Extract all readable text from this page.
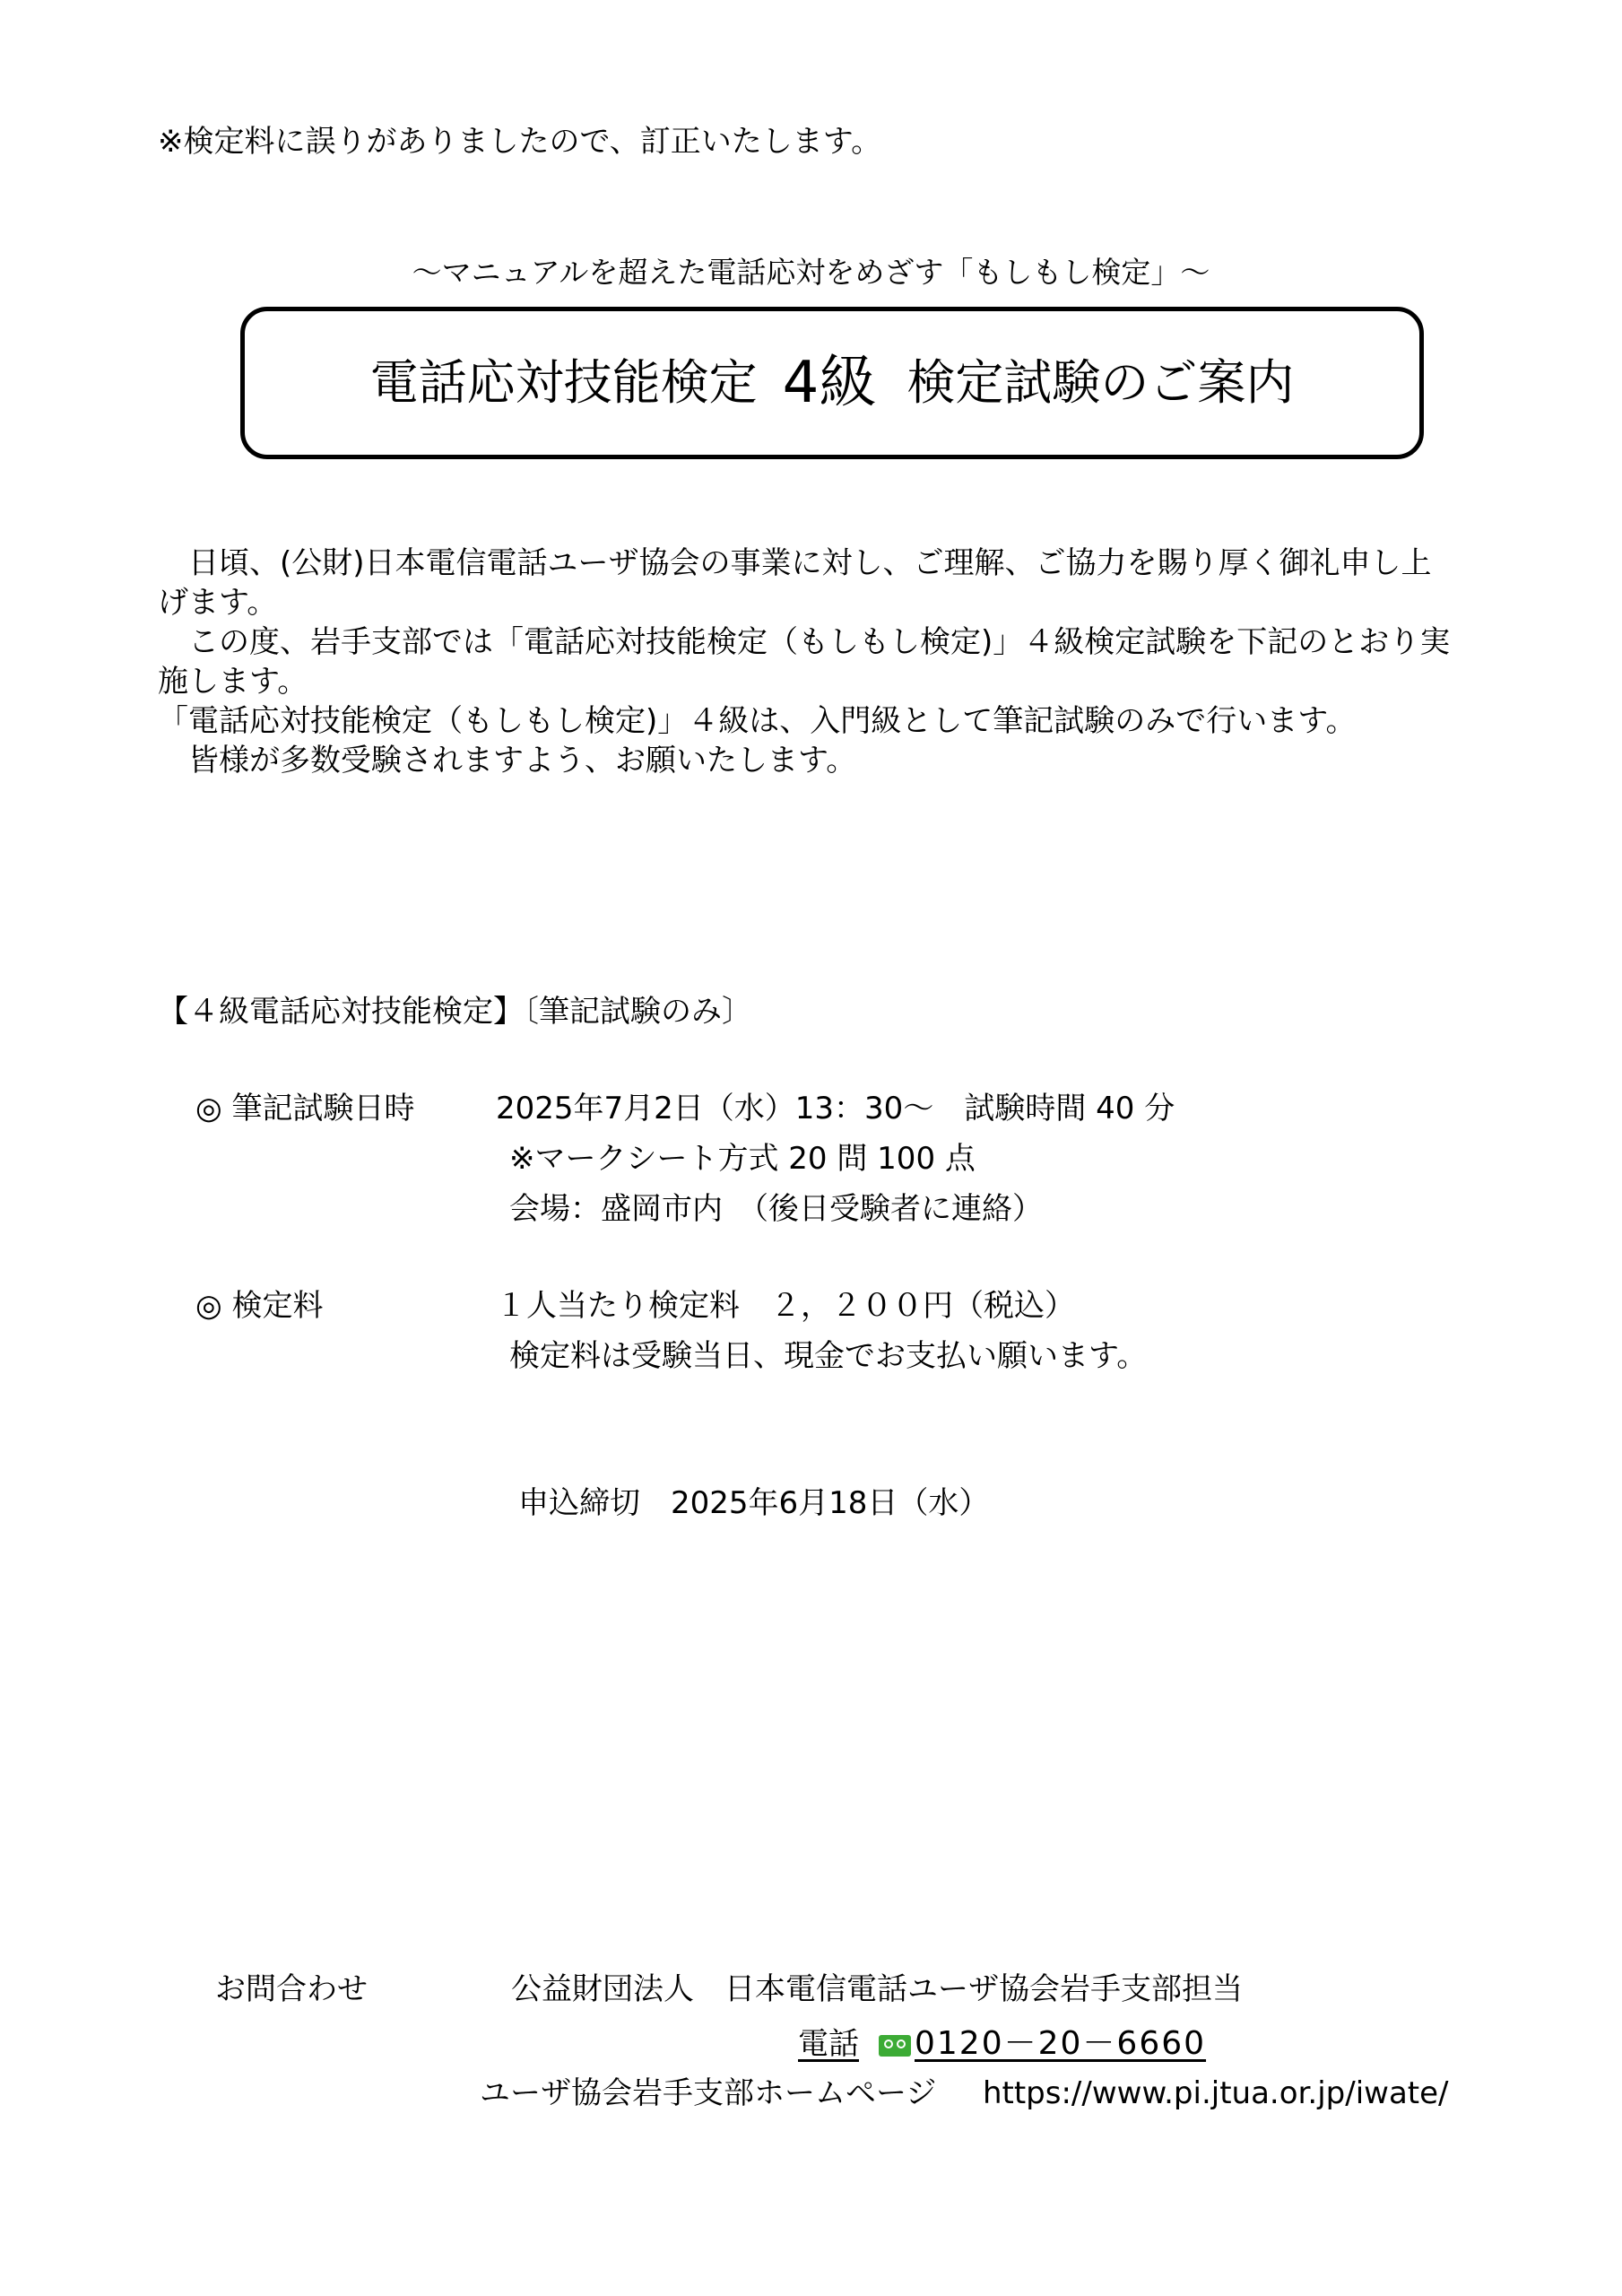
※検定料に誤りがありましたので、訂正いたします。
～マニュアルを超えた電話応対をめざす「もしもし検定」～
電話応対技能検定 4級 検定試験のご案内

　日頃、(公財)日本電信電話ユーザ協会の事業に対し、ご理解、ご協力を賜り厚く御礼申し上げます。

　この度、岩手支部では「電話応対技能検定（もしもし検定)」４級検定試験を下記のとおり実施します。

「電話応対技能検定（もしもし検定)」４級は、入門級として筆記試験のみで行います。

　皆様が多数受験されますよう、お願いたします。

【４級電話応対技能検定】〔筆記試験のみ〕
◎ 筆記試験日時	2025年7月2日（水）13：30～　試験時間 40 分
※マークシート方式 20 問 100 点
会場：盛岡市内　（後日受験者に連絡）
◎ 検定料	１人当たり検定料　２，２００円（税込）
検定料は受験当日、現金でお支払い願います。
申込締切　2025年6月18日（水）
お問合わせ	公益財団法人　日本電信電話ユーザ協会岩手支部担当
電話 0120－20－6660
ユーザ協会岩手支部ホームページ https://www.pi.jtua.or.jp/iwate/
